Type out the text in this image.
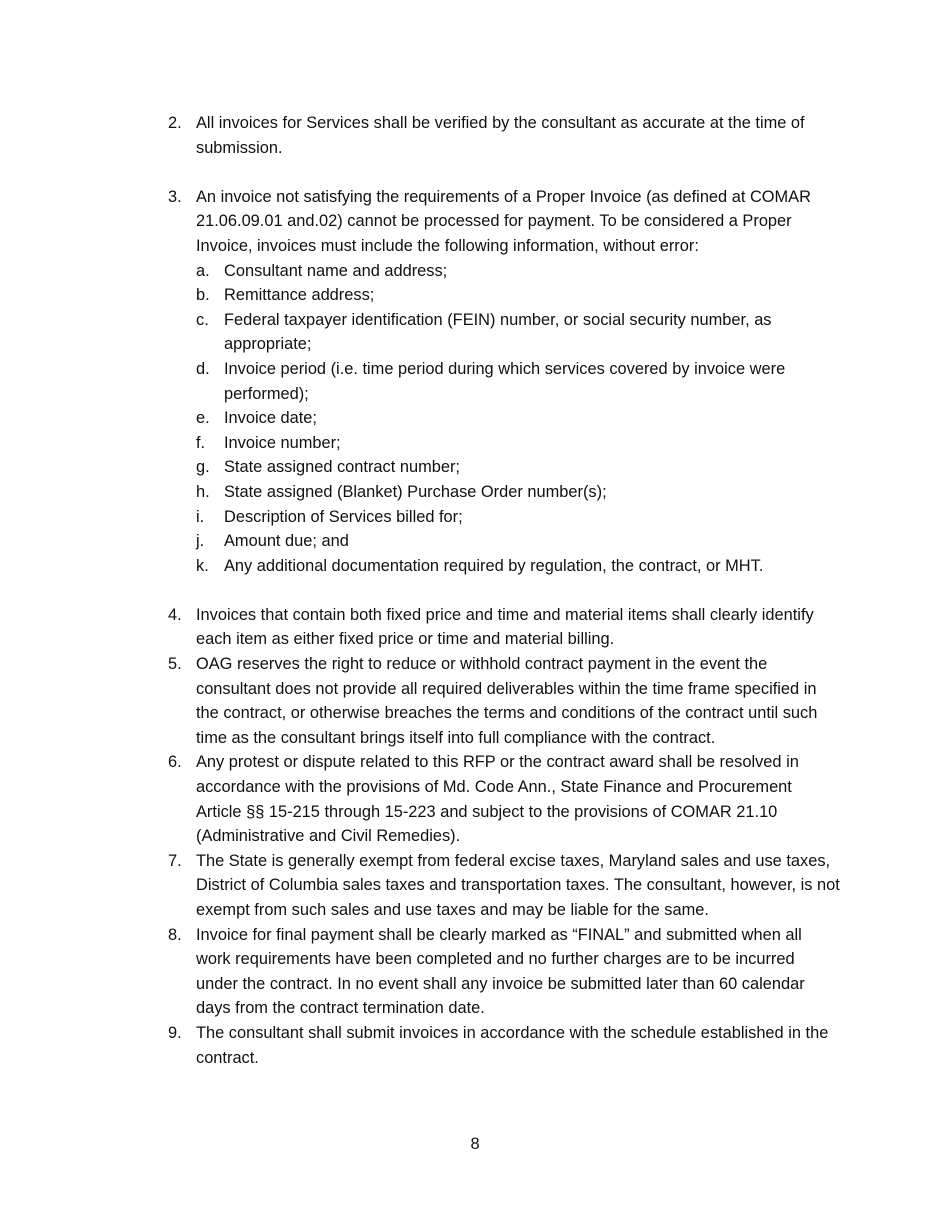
2. All invoices for Services shall be verified by the consultant as accurate at the time of submission.
3. An invoice not satisfying the requirements of a Proper Invoice (as defined at COMAR 21.06.09.01 and.02) cannot be processed for payment. To be considered a Proper Invoice, invoices must include the following information, without error:
a. Consultant name and address;
b. Remittance address;
c. Federal taxpayer identification (FEIN) number, or social security number, as appropriate;
d. Invoice period (i.e. time period during which services covered by invoice were performed);
e. Invoice date;
f.	Invoice number;
g. State assigned contract number;
h. State assigned (Blanket) Purchase Order number(s);
i.	Description of Services billed for;
j.	Amount due; and
k. Any additional documentation required by regulation, the contract, or MHT.
4. Invoices that contain both fixed price and time and material items shall clearly identify each item as either fixed price or time and material billing.
5. OAG reserves the right to reduce or withhold contract payment in the event the consultant does not provide all required deliverables within the time frame specified in the contract, or otherwise breaches the terms and conditions of the contract until such time as the consultant brings itself into full compliance with the contract.
6. Any protest or dispute related to this RFP or the contract award shall be resolved in accordance with the provisions of Md. Code Ann., State Finance and Procurement Article §§ 15-215 through 15-223 and subject to the provisions of COMAR 21.10 (Administrative and Civil Remedies).
7. The State is generally exempt from federal excise taxes, Maryland sales and use taxes, District of Columbia sales taxes and transportation taxes. The consultant, however, is not exempt from such sales and use taxes and may be liable for the same.
8. Invoice for final payment shall be clearly marked as “FINAL” and submitted when all work requirements have been completed and no further charges are to be incurred under the contract. In no event shall any invoice be submitted later than 60 calendar days from the contract termination date.
9. The consultant shall submit invoices in accordance with the schedule established in the contract.
8
